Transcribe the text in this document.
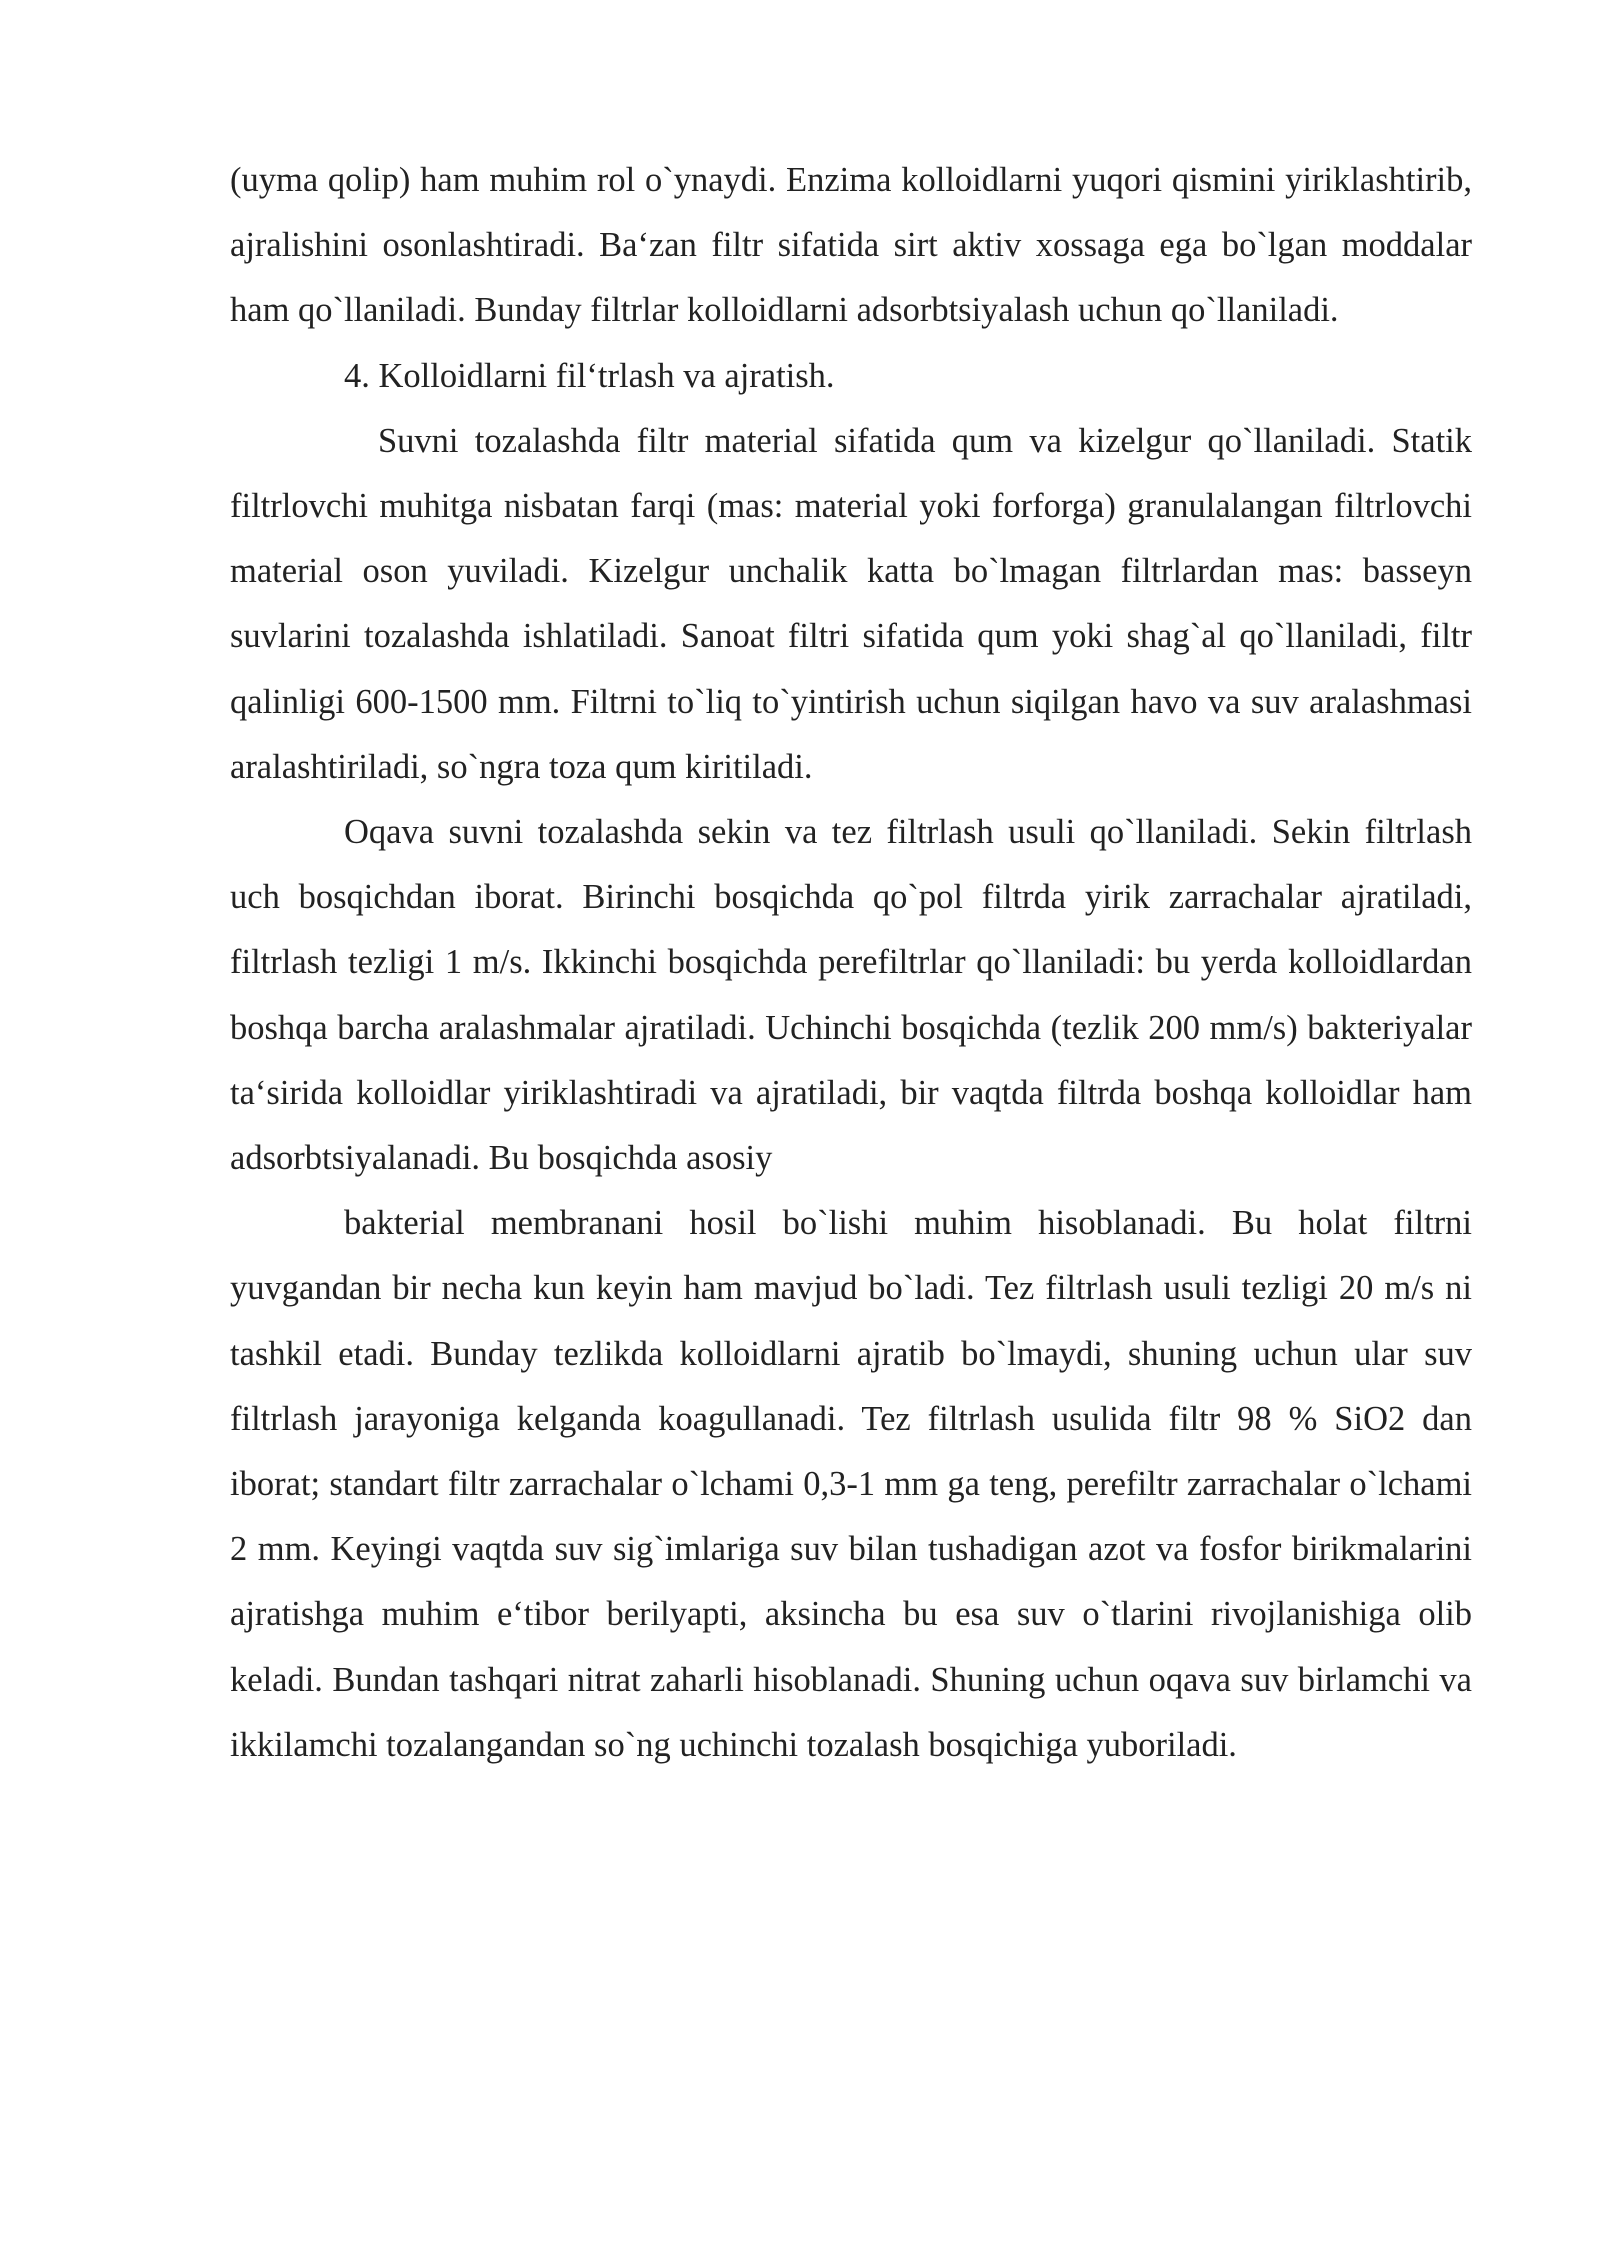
(uyma qolip) ham muhim rol o`ynaydi. Enzima kolloidlarni yuqori qismini yiriklashtirib, ajralishini osonlashtiradi. Ba‘zan filtr sifatida sirt aktiv xossaga ega bo`lgan moddalar ham qo`llaniladi. Bunday filtrlar kolloidlarni adsorbtsiyalash uchun qo`llaniladi.

4. Kolloidlarni fil‘trlash va ajratish.

Suvni tozalashda filtr material sifatida qum va kizelgur qo`llaniladi. Statik filtrlovchi muhitga nisbatan farqi (mas: material yoki forforga) granulalangan filtrlovchi material oson yuviladi. Kizelgur unchalik katta bo`lmagan filtrlardan mas: basseyn suvlarini tozalashda ishlatiladi. Sanoat filtri sifatida qum yoki shag`al qo`llaniladi, filtr qalinligi 600-1500 mm. Filtrni to`liq to`yintirish uchun siqilgan havo va suv aralashmasi aralashtiriladi, so`ngra toza qum kiritiladi.

Oqava suvni tozalashda sekin va tez filtrlash usuli qo`llaniladi. Sekin filtrlash uch bosqichdan iborat. Birinchi bosqichda qo`pol filtrda yirik zarrachalar ajratiladi, filtrlash tezligi 1 m/s. Ikkinchi bosqichda perefiltrlar qo`llaniladi: bu yerda kolloidlardan boshqa barcha aralashmalar ajratiladi. Uchinchi bosqichda (tezlik 200 mm/s) bakteriyalar ta‘sirida kolloidlar yiriklashtiradi va ajratiladi, bir vaqtda filtrda boshqa kolloidlar ham adsorbtsiyalanadi. Bu bosqichda asosiy

bakterial membranani hosil bo`lishi muhim hisoblanadi. Bu holat filtrni yuvgandan bir necha kun keyin ham mavjud bo`ladi. Tez filtrlash usuli tezligi 20 m/s ni tashkil etadi. Bunday tezlikda kolloidlarni ajratib bo`lmaydi, shuning uchun ular suv filtrlash jarayoniga kelganda koagullanadi. Tez filtrlash usulida filtr 98 % SiO2 dan iborat; standart filtr zarrachalar o`lchami 0,3-1 mm ga teng, perefiltr zarrachalar o`lchami 2 mm. Keyingi vaqtda suv sig`imlariga suv bilan tushadigan azot va fosfor birikmalarini ajratishga muhim e‘tibor berilyapti, aksincha bu esa suv o`tlarini rivojlanishiga olib keladi. Bundan tashqari nitrat zaharli hisoblanadi. Shuning uchun oqava suv birlamchi va ikkilamchi tozalangandan so`ng uchinchi tozalash bosqichiga yuboriladi.
